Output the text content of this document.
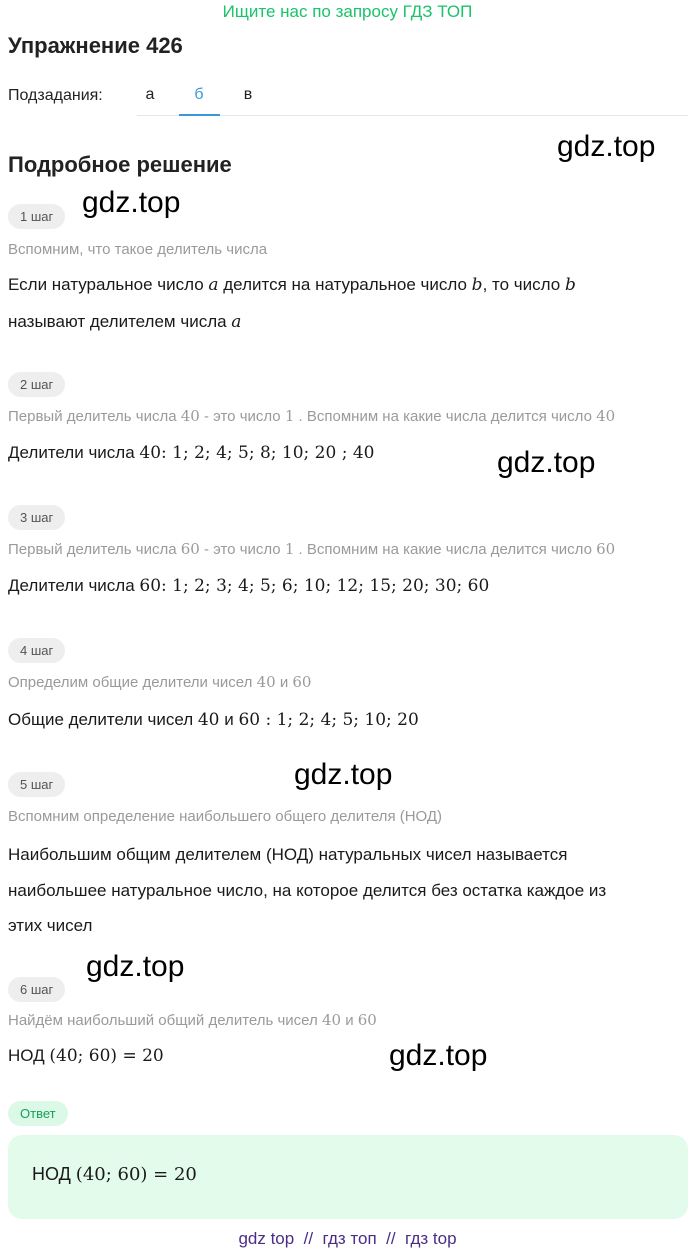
Ищите нас по запросу ГДЗ ТОП
Упражнение 426
Подзадания:	а	б	в
Подробное решение
gdz.top
gdz.top
gdz.top
gdz.top
gdz.top
gdz.top
1 шаг
Вспомним, что такое делитель числа
Если натуральное число a делится на натуральное число b, то число b
называют делителем числа a
2 шаг
Первый делитель числа 40 - это число 1 . Вспомним на какие числа делится число 40
Делители числа 40: 1; 2; 4; 5; 8; 10; 20 ; 40
3 шаг
Первый делитель числа 60 - это число 1 . Вспомним на какие числа делится число 60
Делители числа 60: 1; 2; 3; 4; 5; 6; 10; 12; 15; 20; 30; 60
4 шаг
Определим общие делители чисел 40 и 60
Общие делители чисел 40 и 60 : 1; 2; 4; 5; 10; 20
5 шаг
Вспомним определение наибольшего общего делителя (НОД)
Наибольшим общим делителем (НОД) натуральных чисел называется
наибольшее натуральное число, на которое делится без остатка каждое из
этих чисел
6 шаг
Найдём наибольший общий делитель чисел 40 и 60
НОД (40; 60) = 20
Ответ
НОД (40; 60) = 20
gdz top  //  гдз топ  //  гдз top
